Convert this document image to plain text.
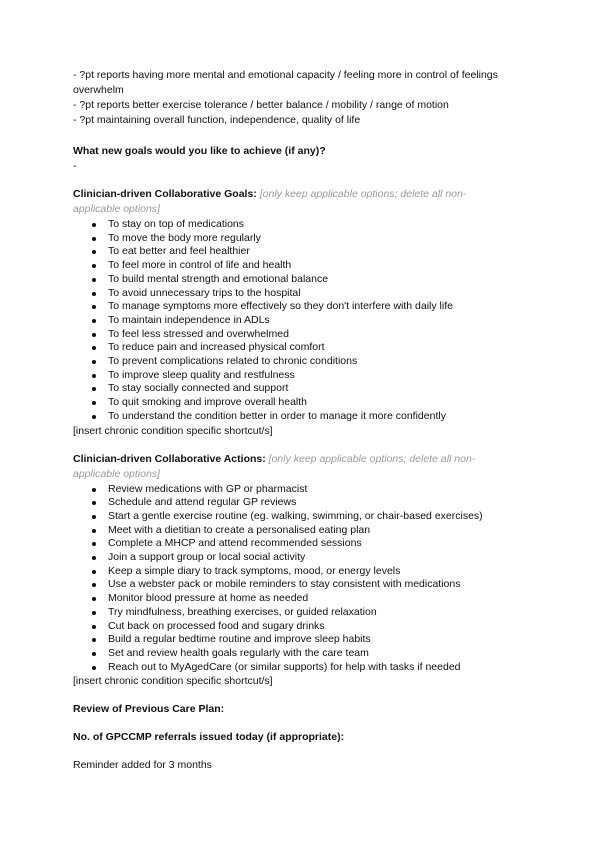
- ?pt reports having more mental and emotional capacity / feeling more in control of feelings overwhelm
- ?pt reports better exercise tolerance / better balance / mobility / range of motion
- ?pt maintaining overall function, independence, quality of life
What new goals would you like to achieve (if any)?
-
Clinician-driven Collaborative Goals: [only keep applicable options; delete all non-applicable options]
To stay on top of medications
To move the body more regularly
To eat better and feel healthier
To feel more in control of life and health
To build mental strength and emotional balance
To avoid unnecessary trips to the hospital
To manage symptoms more effectively so they don't interfere with daily life
To maintain independence in ADLs
To feel less stressed and overwhelmed
To reduce pain and increased physical comfort
To prevent complications related to chronic conditions
To improve sleep quality and restfulness
To stay socially connected and support
To quit smoking and improve overall health
To understand the condition better in order to manage it more confidently
[insert chronic condition specific shortcut/s]
Clinician-driven Collaborative Actions: [only keep applicable options; delete all non-applicable options]
Review medications with GP or pharmacist
Schedule and attend regular GP reviews
Start a gentle exercise routine (eg. walking, swimming, or chair-based exercises)
Meet with a dietitian to create a personalised eating plan
Complete a MHCP and attend recommended sessions
Join a support group or local social activity
Keep a simple diary to track symptoms, mood, or energy levels
Use a webster pack or mobile reminders to stay consistent with medications
Monitor blood pressure at home as needed
Try mindfulness, breathing exercises, or guided relaxation
Cut back on processed food and sugary drinks
Build a regular bedtime routine and improve sleep habits
Set and review health goals regularly with the care team
Reach out to MyAgedCare (or similar supports) for help with tasks if needed
[insert chronic condition specific shortcut/s]
Review of Previous Care Plan:
No. of GPCCMP referrals issued today (if appropriate):
Reminder added for 3 months
